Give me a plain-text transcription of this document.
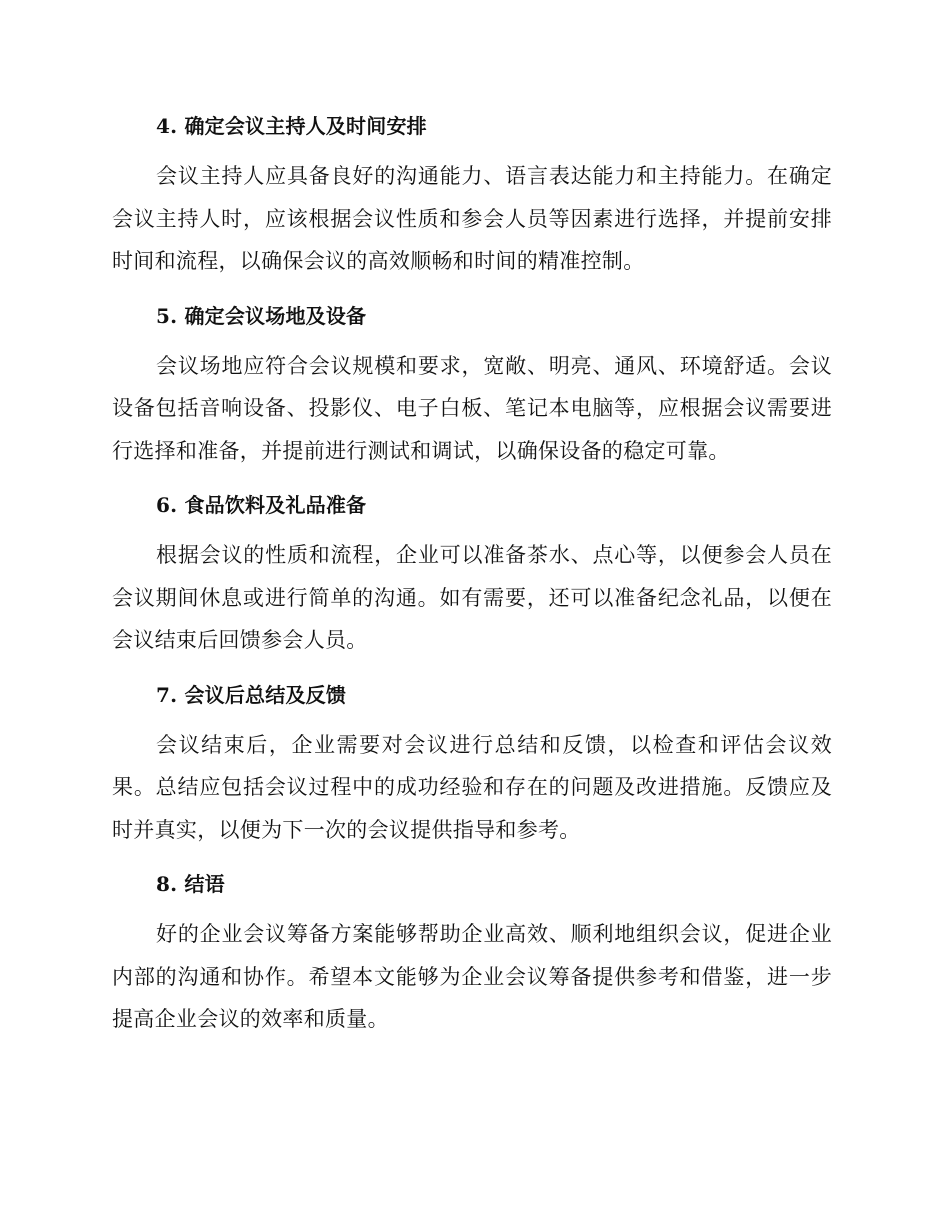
4. 确定会议主持人及时间安排

会议主持人应具备良好的沟通能力、语言表达能力和主持能力。在确定会议主持人时，应该根据会议性质和参会人员等因素进行选择，并提前安排时间和流程，以确保会议的高效顺畅和时间的精准控制。

5. 确定会议场地及设备

会议场地应符合会议规模和要求，宽敞、明亮、通风、环境舒适。会议设备包括音响设备、投影仪、电子白板、笔记本电脑等，应根据会议需要进行选择和准备，并提前进行测试和调试，以确保设备的稳定可靠。

6. 食品饮料及礼品准备

根据会议的性质和流程，企业可以准备茶水、点心等，以便参会人员在会议期间休息或进行简单的沟通。如有需要，还可以准备纪念礼品，以便在会议结束后回馈参会人员。

7. 会议后总结及反馈

会议结束后，企业需要对会议进行总结和反馈，以检查和评估会议效果。总结应包括会议过程中的成功经验和存在的问题及改进措施。反馈应及时并真实，以便为下一次的会议提供指导和参考。

8. 结语

好的企业会议筹备方案能够帮助企业高效、顺利地组织会议，促进企业内部的沟通和协作。希望本文能够为企业会议筹备提供参考和借鉴，进一步提高企业会议的效率和质量。
